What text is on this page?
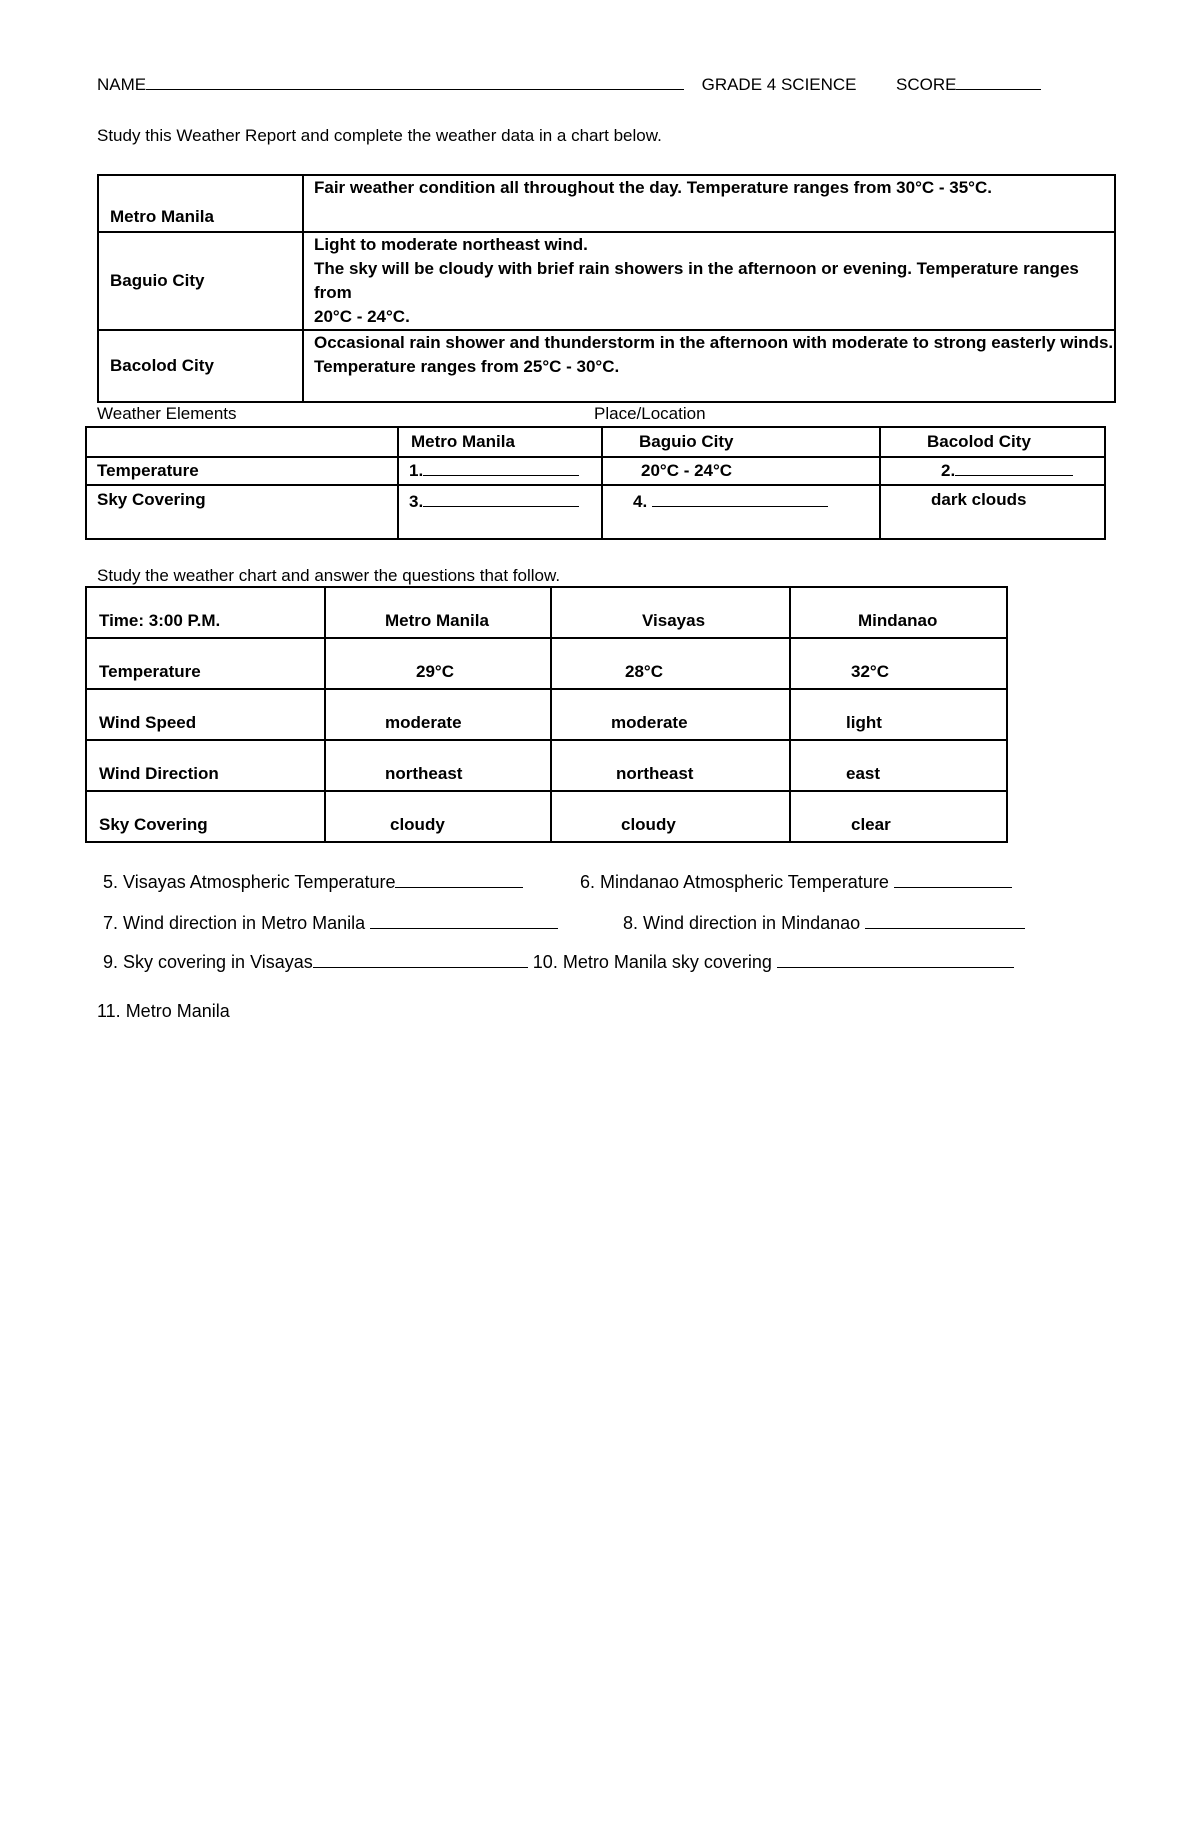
NAME	GRADE 4 SCIENCE SCORE
Study this Weather Report and complete the weather data in a chart below.
Metro Manila	Fair weather condition all throughout the day. Temperature ranges from 30°C - 35°C.

Baguio City	Light to moderate northeast wind.
The sky will be cloudy with brief rain showers in the afternoon or evening. Temperature ranges from
20°C - 24°C.

Bacolod City	Occasional rain shower and thunderstorm in the afternoon with moderate to strong easterly winds.
Temperature ranges from 25°C - 30°C.
Weather Elements	Place/Location
	Metro Manila	Baguio City	Bacolod City
Temperature	1.	20°C - 24°C	2.
Sky Covering	3.	4.	dark clouds
Study the weather chart and answer the questions that follow.
Time: 3:00 P.M.	Metro Manila	Visayas	Mindanao
Temperature	29°C	28°C	32°C
Wind Speed	moderate	moderate	light
Wind Direction	northeast	northeast	east
Sky Covering	cloudy	cloudy	clear
5. Visayas Atmospheric Temperature	6. Mindanao Atmospheric Temperature
7. Wind direction in Metro Manila	8. Wind direction in Mindanao
9. Sky covering in Visayas	10. Metro Manila sky covering
11. Metro Manila
